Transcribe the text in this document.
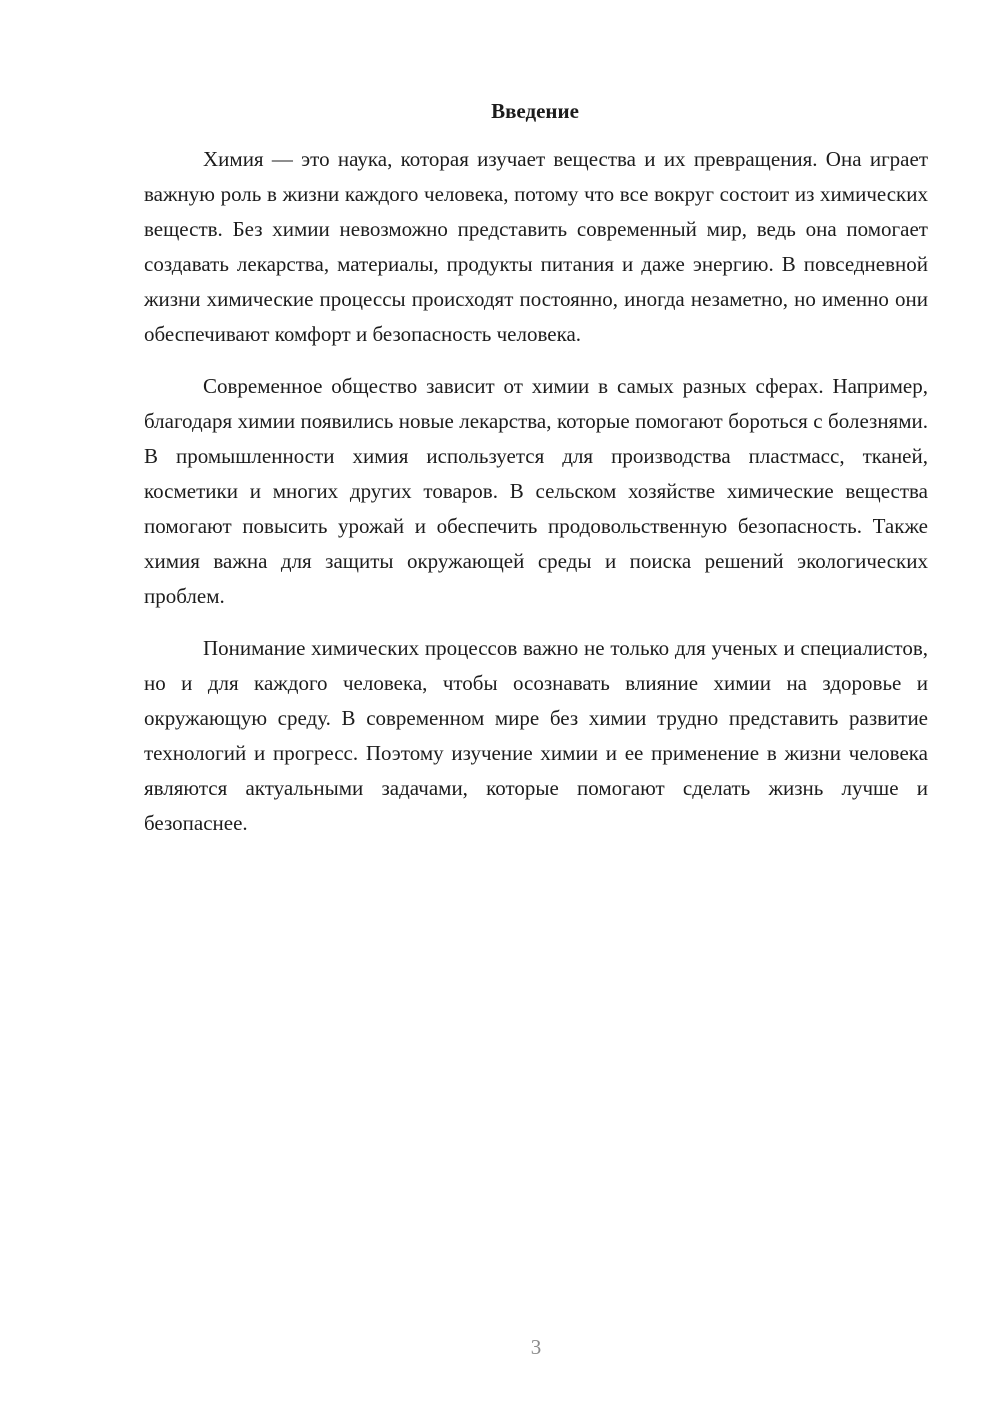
Введение

Химия — это наука, которая изучает вещества и их превращения. Она играет важную роль в жизни каждого человека, потому что все вокруг состоит из химических веществ. Без химии невозможно представить современный мир, ведь она помогает создавать лекарства, материалы, продукты питания и даже энергию. В повседневной жизни химические процессы происходят постоянно, иногда незаметно, но именно они обеспечивают комфорт и безопасность человека.

Современное общество зависит от химии в самых разных сферах. Например, благодаря химии появились новые лекарства, которые помогают бороться с болезнями. В промышленности химия используется для производства пластмасс, тканей, косметики и многих других товаров. В сельском хозяйстве химические вещества помогают повысить урожай и обеспечить продовольственную безопасность. Также химия важна для защиты окружающей среды и поиска решений экологических проблем.

Понимание химических процессов важно не только для ученых и специалистов, но и для каждого человека, чтобы осознавать влияние химии на здоровье и окружающую среду. В современном мире без химии трудно представить развитие технологий и прогресс. Поэтому изучение химии и ее применение в жизни человека являются актуальными задачами, которые помогают сделать жизнь лучше и безопаснее.

3
